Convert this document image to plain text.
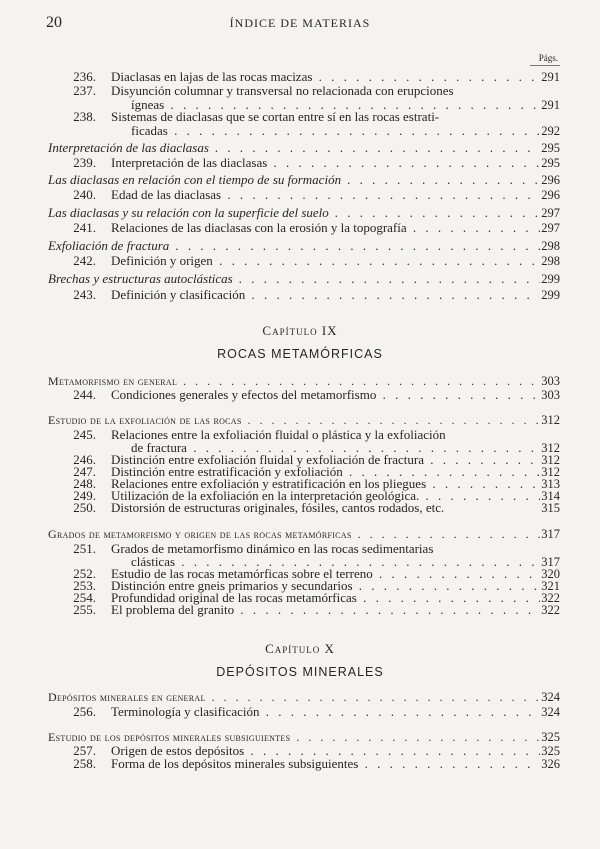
20	ÍNDICE DE MATERIAS
Págs.
236. Diaclasas en lajas de las rocas macizas . . .	291
237. Disyunción columnar y transversal no relacionada con erupciones
ígneas . . .	291
238. Sistemas de diaclasas que se cortan entre sí en las rocas estrati-
ficadas . . .	292
Interpretación de las diaclasas . . .	295
239. Interpretación de las diaclasas . . .	295
Las diaclasas en relación con el tiempo de su formación . . .	296
240. Edad de las diaclasas . . .	296
Las diaclasas y su relación con la superficie del suelo . . .	297
241. Relaciones de las diaclasas con la erosión y la topografía . . .	297
Exfoliación de fractura . . .	298
242. Definición y origen . . .	298
Brechas y estructuras autoclásticas . . .	299
243. Definición y clasificación . . .	299
Capítulo IX
ROCAS METAMÓRFICAS
Metamorfismo en general . . .	303
244. Condiciones generales y efectos del metamorfismo . . .	303
Estudio de la exfoliación de las rocas . . .	312
245. Relaciones entre la exfoliación fluidal o plástica y la exfoliación
de fractura . . .	312
246. Distinción entre exfoliación fluidal y exfoliación de fractura . . .	312
247. Distinción entre estratificación y exfoliación . . .	312
248. Relaciones entre exfoliación y estratificación en los pliegues . . .	313
249. Utilización de la exfoliación en la interpretación geológica. . . .	314
250. Distorsión de estructuras originales, fósiles, cantos rodados, etc.	315
Grados de metamorfismo y origen de las rocas metamórficas . . .	317
251. Grados de metamorfismo dinámico en las rocas sedimentarias
clásticas . . .	317
252. Estudio de las rocas metamórficas sobre el terreno . . .	320
253. Distinción entre gneis primarios y secundarios . . .	321
254. Profundidad original de las rocas metamórficas . . .	322
255. El problema del granito . . .	322
Capítulo X
DEPÓSITOS MINERALES
Depósitos minerales en general . . .	324
256. Terminología y clasificación . . .	324
Estudio de los depósitos minerales subsiguientes . . .	325
257. Origen de estos depósitos . . .	325
258. Forma de los depósitos minerales subsiguientes . . .	326
